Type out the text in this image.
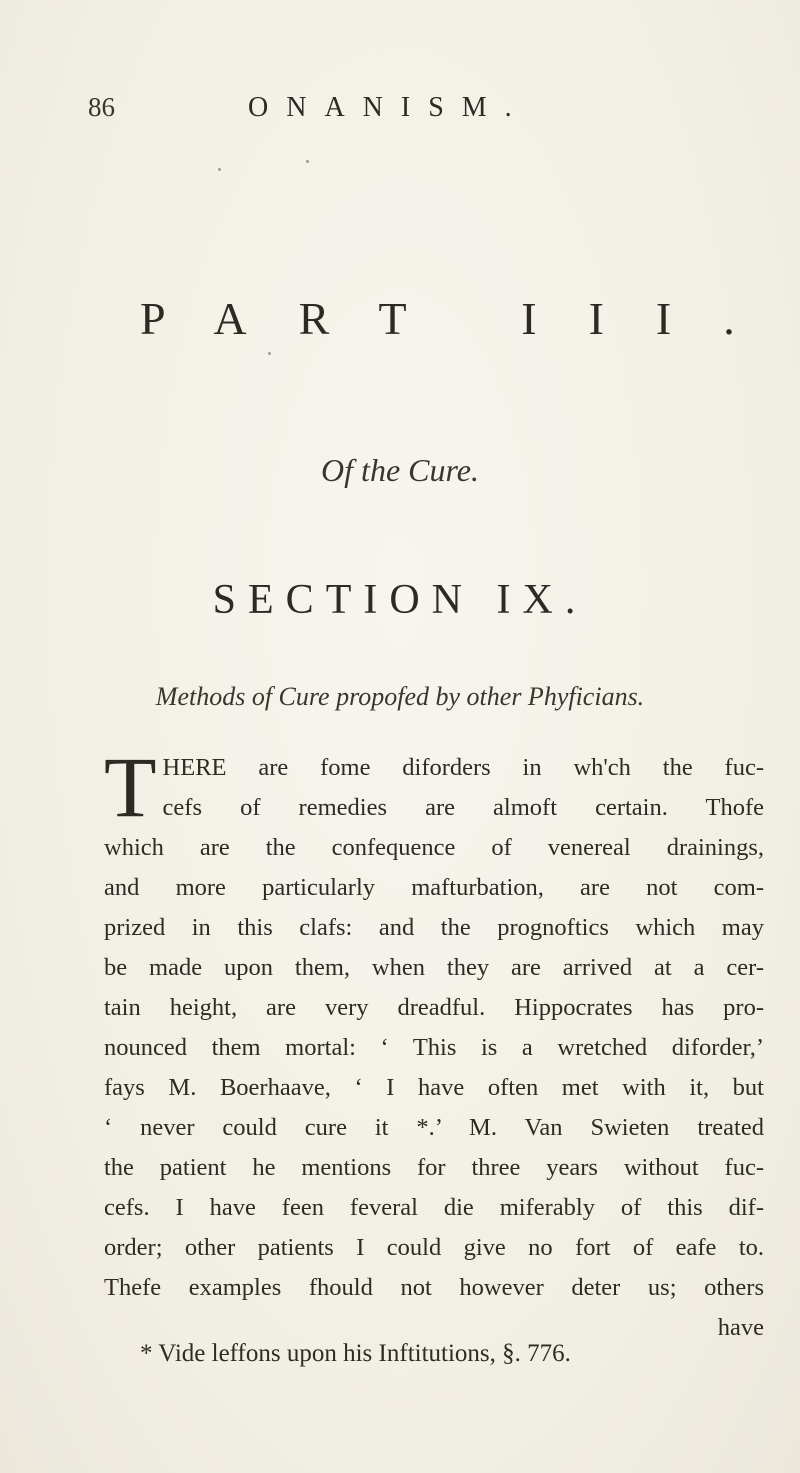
86	ONANISM.
PART III.
Of the Cure.
SECTION IX.
Methods of Cure propofed by other Phyficians.
T HERE are fome diforders in wh'ch the fuc-
cefs of remedies are almoft certain. Thofe
which are the confequence of venereal drainings,
and more particularly mafturbation, are not com-
prized in this clafs: and the prognoftics which may
be made upon them, when they are arrived at a cer-
tain height, are very dreadful. Hippocrates has pro-
nounced them mortal: ‘ This is a wretched diforder,’
fays M. Boerhaave, ‘ I have often met with it, but
‘ never could cure it *.’ M. Van Swieten treated
the patient he mentions for three years without fuc-
cefs. I have feen feveral die miferably of this dif-
order; other patients I could give no fort of eafe to.
Thefe examples fhould not however deter us; others
have
* Vide leffons upon his Inftitutions, §. 776.
